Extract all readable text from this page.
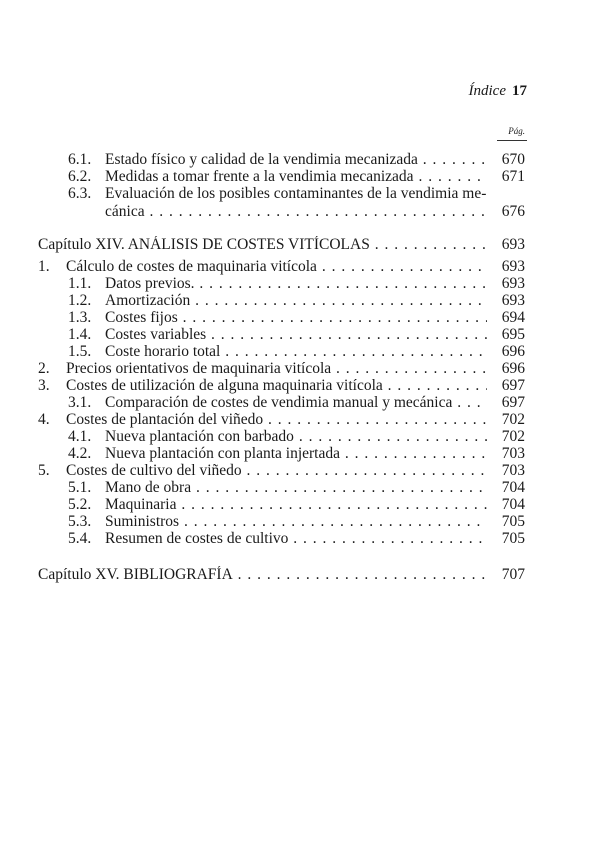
Índice 17
Pág.
6.1. Estado físico y calidad de la vendimia mecanizada . . .	670
6.2. Medidas a tomar frente a la vendimia mecanizada . . .	671
6.3. Evaluación de los posibles contaminantes de la vendimia me-
cánica . . .	676
Capítulo XIV. ANÁLISIS DE COSTES VITÍCOLAS . . .	693
1. Cálculo de costes de maquinaria vitícola . . .	693
1.1. Datos previos. . . .	693
1.2. Amortización . . .	693
1.3. Costes fijos . . .	694
1.4. Costes variables . . .	695
1.5. Coste horario total . . .	696
2. Precios orientativos de maquinaria vitícola . . .	696
3. Costes de utilización de alguna maquinaria vitícola . . .	697
3.1. Comparación de costes de vendimia manual y mecánica . . .	697
4. Costes de plantación del viñedo . . .	702
4.1. Nueva plantación con barbado . . .	702
4.2. Nueva plantación con planta injertada . . .	703
5. Costes de cultivo del viñedo . . .	703
5.1. Mano de obra . . .	704
5.2. Maquinaria . . .	704
5.3. Suministros . . .	705
5.4. Resumen de costes de cultivo . . .	705
Capítulo XV. BIBLIOGRAFÍA . . .	707
